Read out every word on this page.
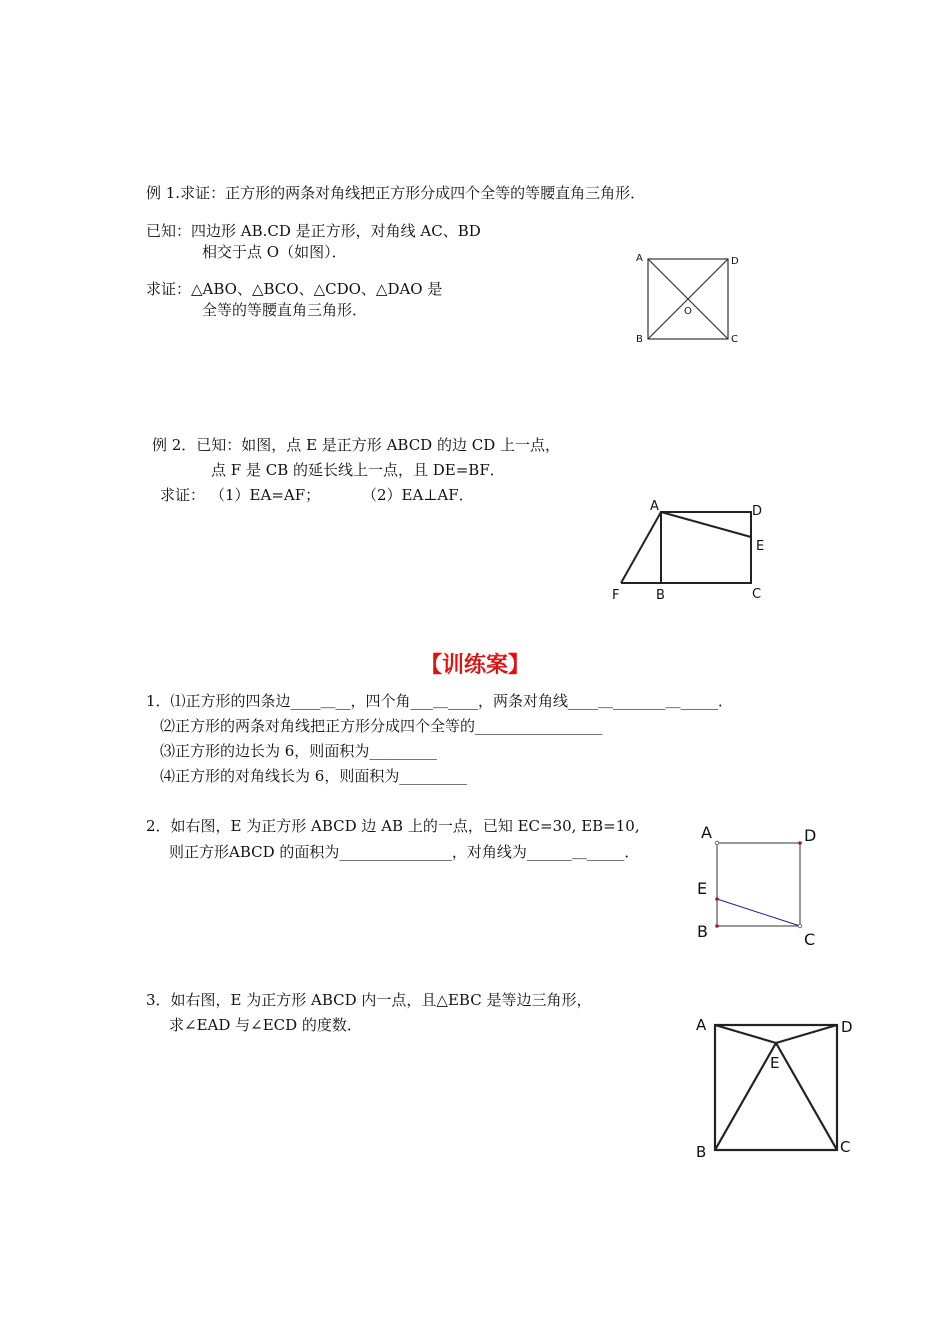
例 1.求证：正方形的两条对角线把正方形分成四个全等的等腰直角三角形．
已知：四边形 AB.CD 是正方形，对角线 AC、BD
相交于点 O（如图）．
求证：△ABO、△BCO、△CDO、△DAO 是
全等的等腰直角三角形．
A	D
B	C
O
例 2．已知：如图，点 E 是正方形 ABCD 的边 CD 上一点，
点 F 是 CB 的延长线上一点，且 DE=BF．
求证： （1）EA=AF；	（2）EA⊥AF．
A	D
E
F	B	C
【训练案】
1．⑴正方形的四条边____＿__，四个角___＿____，两条对角线____＿_______＿_____．
⑵正方形的两条对角线把正方形分成四个全等的_________________
⑶正方形的边长为 6，则面积为_________
⑷正方形的对角线长为 6，则面积为_________
2．如右图，E 为正方形 ABCD 边 AB 上的一点，已知 EC=30, EB=10,
则正方形ABCD 的面积为_______________，对角线为______＿_____．
A	D
E
B	C
3．如右图，E 为正方形 ABCD 内一点，且△EBC 是等边三角形，
求∠EAD 与∠ECD 的度数．	A	D
E
B	C
